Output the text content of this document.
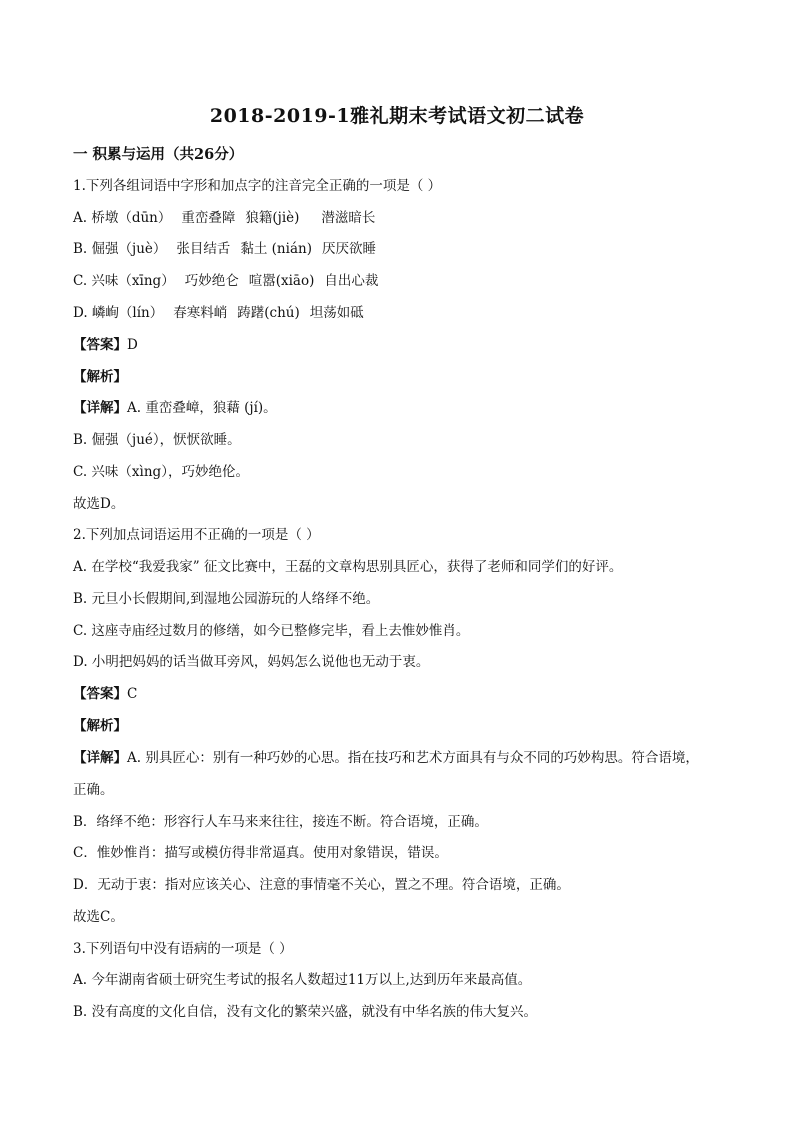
2018-2019-1雅礼期末考试语文初二试卷
一 积累与运用（共26分）
1.下列各组词语中字形和加点字的注音完全正确的一项是（ ）
A. 桥墩（dūn） 重峦叠障 狼籍(jiè) 潜滋暗长
B. 倔强（juè） 张目结舌 黏土 (nián) 厌厌欲睡
C. 兴味（xīng） 巧妙绝仑 喧嚣(xiāo) 自出心裁
D. 嶙峋（lín） 春寒料峭 踌躇(chú) 坦荡如砥
【答案】D
【解析】
【详解】A. 重峦叠嶂，狼藉 (jí)。
B. 倔强（jué），恹恹欲睡。
C. 兴味（xìng），巧妙绝伦。
故选D。
2.下列加点词语运用不正确的一项是（ ）
A. 在学校“我爱我家” 征文比赛中，王磊的文章构思别具匠心，获得了老师和同学们的好评。
B. 元旦小长假期间,到湿地公园游玩的人络绎不绝。
C. 这座寺庙经过数月的修缮，如今已整修完毕，看上去惟妙惟肖。
D. 小明把妈妈的话当做耳旁风，妈妈怎么说他也无动于衷。
【答案】C
【解析】
【详解】A. 别具匠心：别有一种巧妙的心思。指在技巧和艺术方面具有与众不同的巧妙构思。符合语境，
正确。
B．络绎不绝：形容行人车马来来往往，接连不断。符合语境，正确。
C．惟妙惟肖：描写或模仿得非常逼真。使用对象错误，错误。
D．无动于衷：指对应该关心、注意的事情毫不关心，置之不理。符合语境，正确。
故选C。
3.下列语句中没有语病的一项是（ ）
A. 今年湖南省硕士研究生考试的报名人数超过11万以上,达到历年来最高值。
B. 没有高度的文化自信，没有文化的繁荣兴盛，就没有中华名族的伟大复兴。
